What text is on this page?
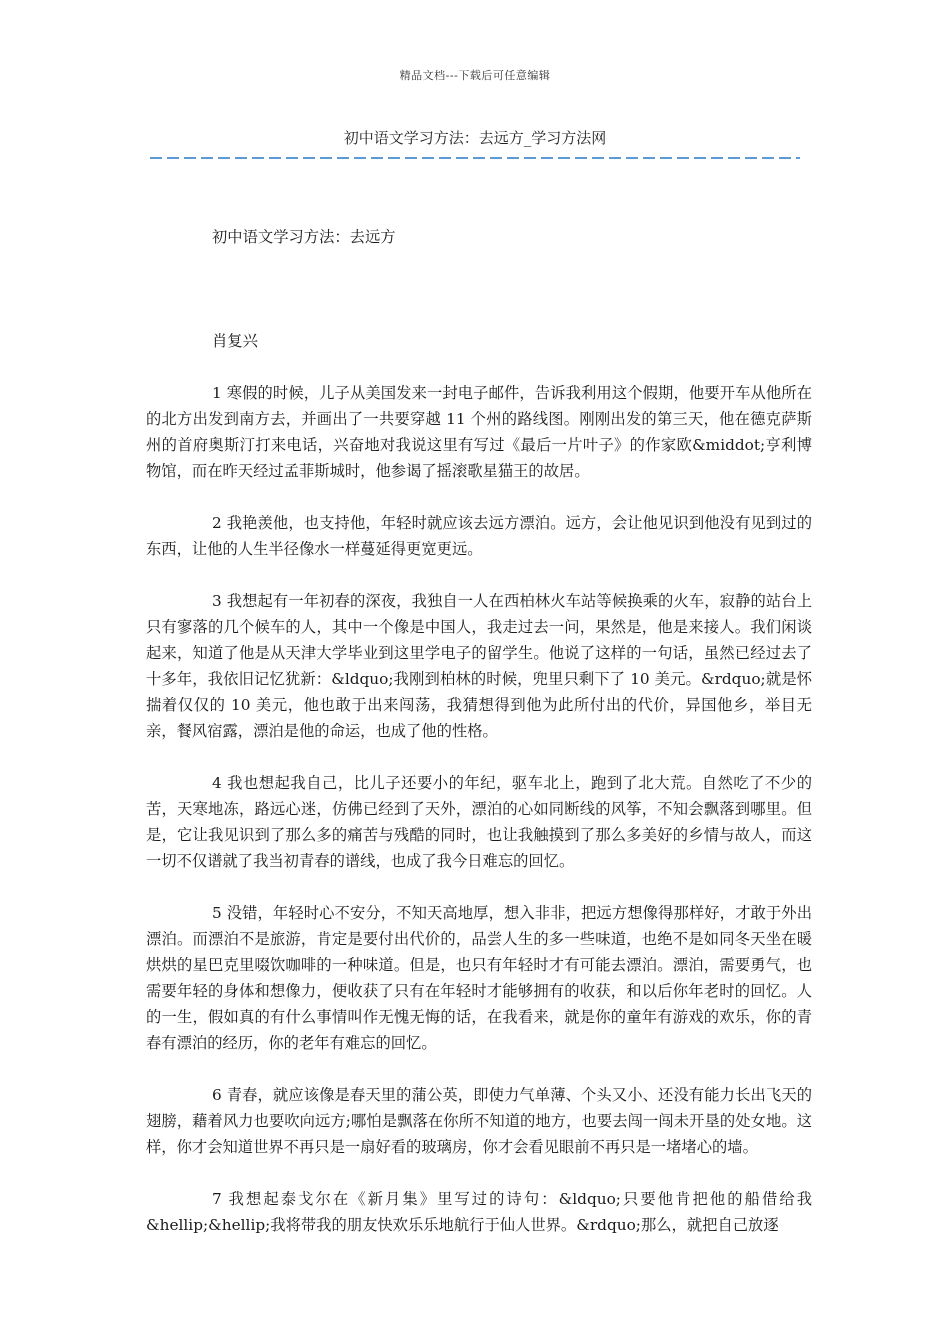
精品文档---下载后可任意编辑
初中语文学习方法：去远方_学习方法网

初中语文学习方法：去远方

肖复兴

1 寒假的时候，儿子从美国发来一封电子邮件，告诉我利用这个假期，他要开车从他所在的北方出发到南方去，并画出了一共要穿越 11 个州的路线图。刚刚出发的第三天，他在德克萨斯州的首府奥斯汀打来电话，兴奋地对我说这里有写过《最后一片叶子》的作家欧&middot;亨利博物馆，而在昨天经过孟菲斯城时，他参谒了摇滚歌星猫王的故居。

2 我艳羡他，也支持他，年轻时就应该去远方漂泊。远方，会让他见识到他没有见到过的东西，让他的人生半径像水一样蔓延得更宽更远。

3 我想起有一年初春的深夜，我独自一人在西柏林火车站等候换乘的火车，寂静的站台上只有寥落的几个候车的人，其中一个像是中国人，我走过去一问，果然是，他是来接人。我们闲谈起来，知道了他是从天津大学毕业到这里学电子的留学生。他说了这样的一句话，虽然已经过去了十多年，我依旧记忆犹新：&ldquo;我刚到柏林的时候，兜里只剩下了 10 美元。&rdquo;就是怀揣着仅仅的 10 美元，他也敢于出来闯荡，我猜想得到他为此所付出的代价，异国他乡，举目无亲，餐风宿露，漂泊是他的命运，也成了他的性格。

4 我也想起我自己，比儿子还要小的年纪，驱车北上，跑到了北大荒。自然吃了不少的苦，天寒地冻，路远心迷，仿佛已经到了天外，漂泊的心如同断线的风筝，不知会飘落到哪里。但是，它让我见识到了那么多的痛苦与残酷的同时，也让我触摸到了那么多美好的乡情与故人，而这一切不仅谱就了我当初青春的谱线，也成了我今日难忘的回忆。

5 没错，年轻时心不安分，不知天高地厚，想入非非，把远方想像得那样好，才敢于外出漂泊。而漂泊不是旅游，肯定是要付出代价的，品尝人生的多一些味道，也绝不是如同冬天坐在暖烘烘的星巴克里啜饮咖啡的一种味道。但是，也只有年轻时才有可能去漂泊。漂泊，需要勇气，也需要年轻的身体和想像力，便收获了只有在年轻时才能够拥有的收获，和以后你年老时的回忆。人的一生，假如真的有什么事情叫作无愧无悔的话，在我看来，就是你的童年有游戏的欢乐，你的青春有漂泊的经历，你的老年有难忘的回忆。

6 青春，就应该像是春天里的蒲公英，即使力气单薄、个头又小、还没有能力长出飞天的翅膀，藉着风力也要吹向远方;哪怕是飘落在你所不知道的地方，也要去闯一闯未开垦的处女地。这样，你才会知道世界不再只是一扇好看的玻璃房，你才会看见眼前不再只是一堵堵心的墙。

7 我想起泰戈尔在《新月集》里写过的诗句：&ldquo;只要他肯把他的船借给我&hellip;&hellip;我将带我的朋友快欢乐乐地航行于仙人世界。&rdquo;那么，就把自己放逐
